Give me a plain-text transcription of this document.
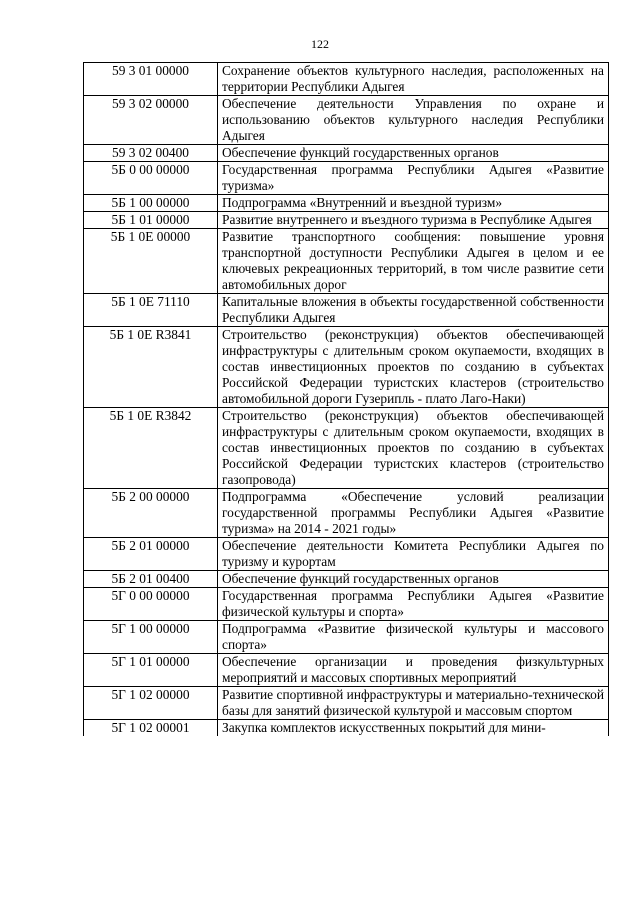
122
59 3 01 00000	Сохранение объектов культурного наследия, расположенных на территории Республики Адыгея
59 3 02 00000	Обеспечение деятельности Управления по охране и использованию объектов культурного наследия Республики Адыгея
59 3 02 00400	Обеспечение функций государственных органов
5Б 0 00 00000	Государственная программа Республики Адыгея «Развитие туризма»
5Б 1 00 00000	Подпрограмма «Внутренний и въездной туризм»
5Б 1 01 00000	Развитие внутреннего и въездного туризма в Республике Адыгея
5Б 1 0Е 00000	Развитие транспортного сообщения: повышение уровня транспортной доступности Республики Адыгея в целом и ее ключевых рекреационных территорий, в том числе развитие сети автомобильных дорог
5Б 1 0Е 71110	Капитальные вложения в объекты государственной собственности Республики Адыгея
5Б 1 0Е R3841	Строительство (реконструкция) объектов обеспечивающей инфраструктуры с длительным сроком окупаемости, входящих в состав инвестиционных проектов по созданию в субъектах Российской Федерации туристских кластеров (строительство автомобильной дороги Гузерипль - плато Лаго-Наки)
5Б 1 0Е R3842	Строительство (реконструкция) объектов обеспечивающей инфраструктуры с длительным сроком окупаемости, входящих в состав инвестиционных проектов по созданию в субъектах Российской Федерации туристских кластеров (строительство газопровода)
5Б 2 00 00000	Подпрограмма «Обеспечение условий реализации государственной программы Республики Адыгея «Развитие туризма» на 2014 - 2021 годы»
5Б 2 01 00000	Обеспечение деятельности Комитета Республики Адыгея по туризму и курортам
5Б 2 01 00400	Обеспечение функций государственных органов
5Г 0 00 00000	Государственная программа Республики Адыгея «Развитие физической культуры и спорта»
5Г 1 00 00000	Подпрограмма «Развитие физической культуры и массового спорта»
5Г 1 01 00000	Обеспечение организации и проведения физкультурных мероприятий и массовых спортивных мероприятий
5Г 1 02 00000	Развитие спортивной инфраструктуры и материально-технической базы для занятий физической культурой и массовым спортом
5Г 1 02 00001	Закупка комплектов искусственных покрытий для мини-
